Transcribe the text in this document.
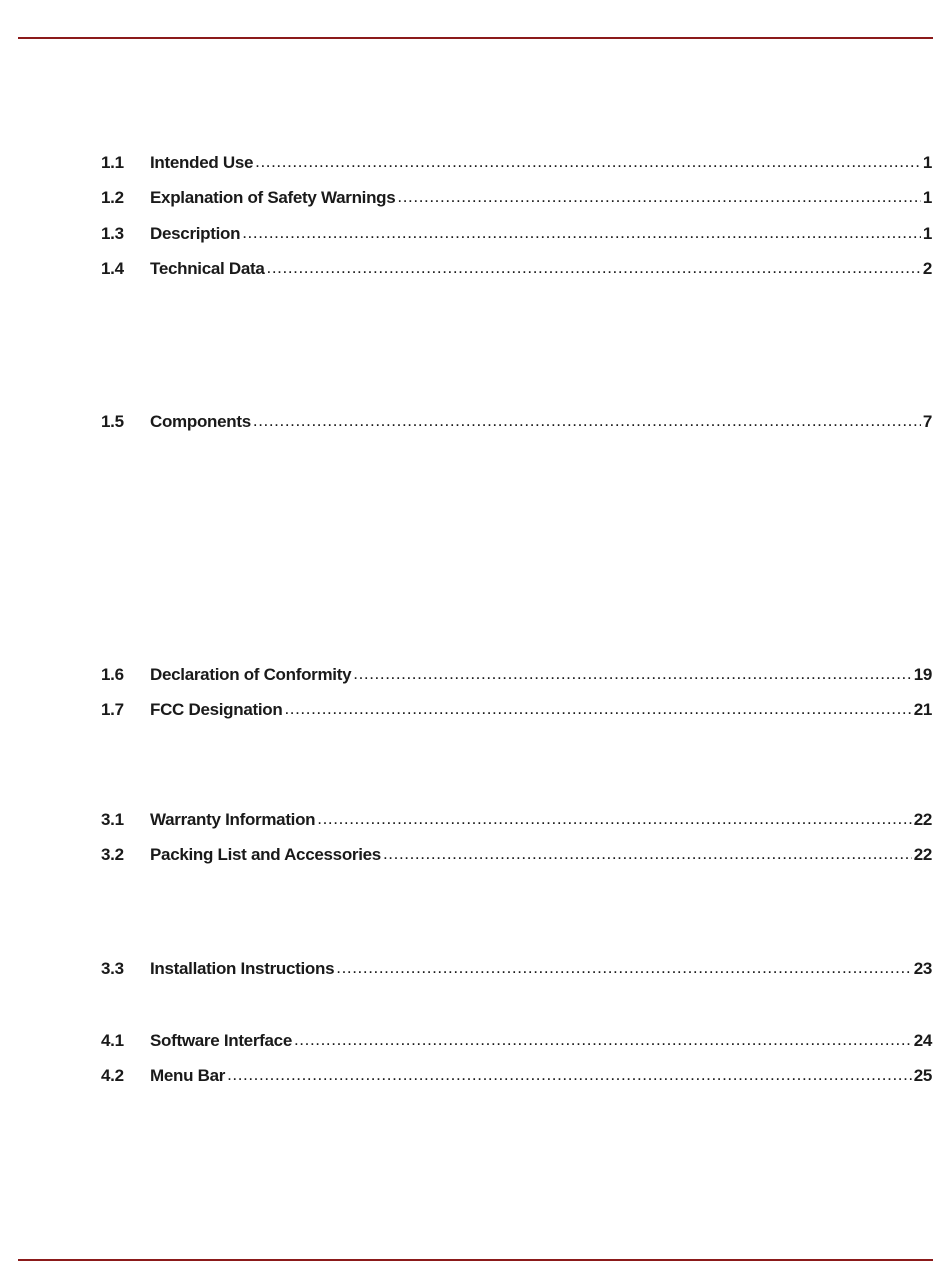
1.1	Intended Use .....	1
1.2	Explanation of Safety Warnings .....	1
1.3	Description .....	1
1.4	Technical Data .....	2
1.5	Components .....	7
1.6	Declaration of Conformity .....	19
1.7	FCC Designation .....	21
3.1	Warranty Information .....	22
3.2	Packing List and Accessories .....	22
3.3	Installation Instructions .....	23
4.1	Software Interface .....	24
4.2	Menu Bar .....	25
